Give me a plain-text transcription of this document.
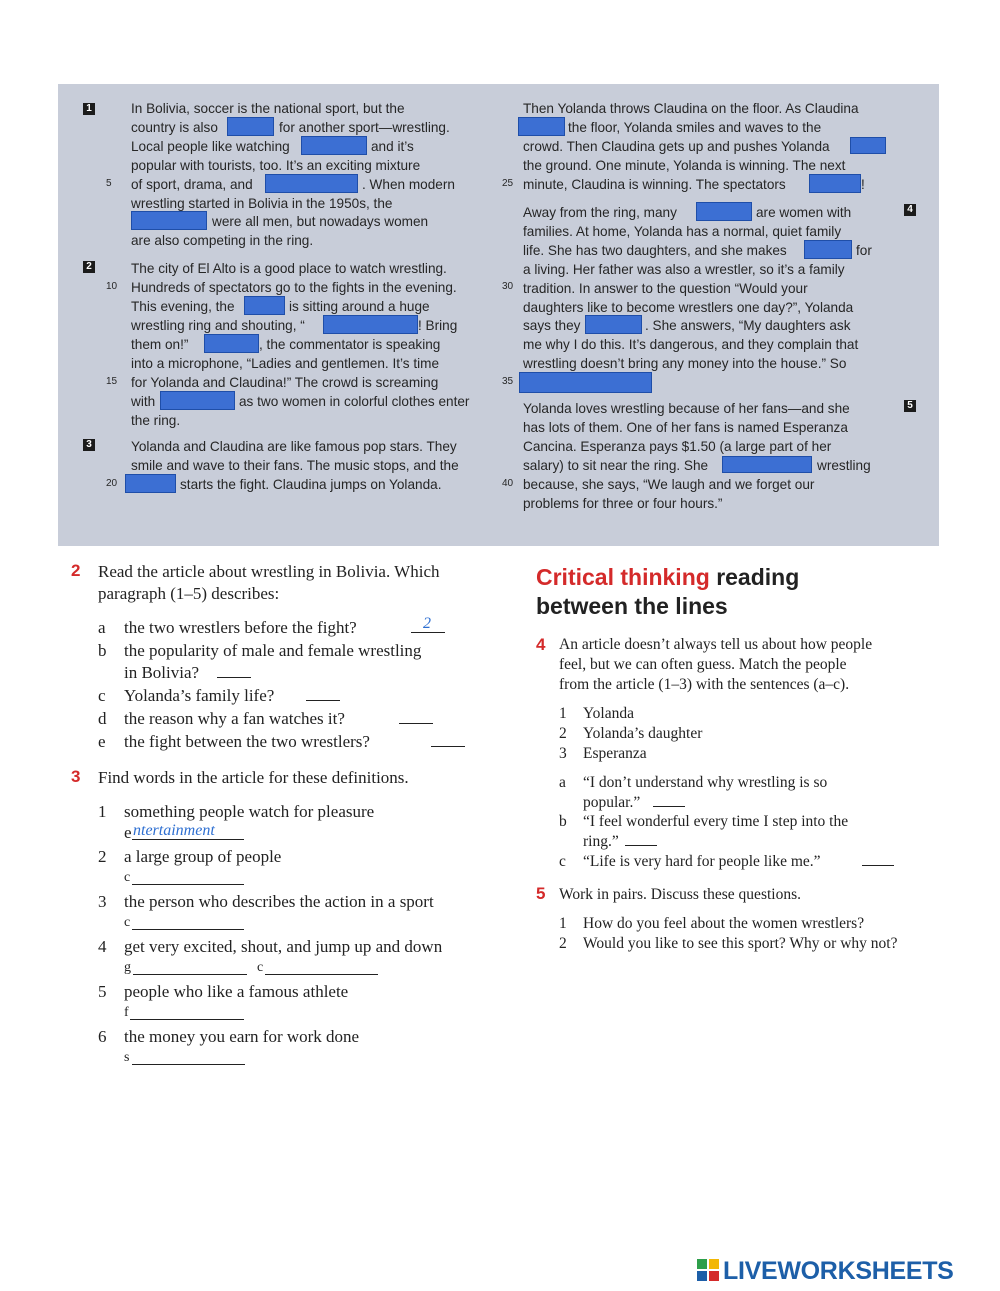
1
2
3
4
5
5
10
15
20
25
30
35
40
In Bolivia, soccer is the national sport, but the
country is also	for another sport—wrestling.
Local people like watching	and it’s
popular with tourists, too. It’s an exciting mixture
of sport, drama, and	. When modern
wrestling started in Bolivia in the 1950s, the
were all men, but nowadays women
are also competing in the ring.
The city of El Alto is a good place to watch wrestling.
Hundreds of spectators go to the fights in the evening.
This evening, the	is sitting around a huge
wrestling ring and shouting, “	! Bring
them on!”	, the commentator is speaking
into a microphone, “Ladies and gentlemen. It’s time
for Yolanda and Claudina!” The crowd is screaming
with	as two women in colorful clothes enter
the ring.
Yolanda and Claudina are like famous pop stars. They
smile and wave to their fans. The music stops, and the
starts the fight. Claudina jumps on Yolanda.
Then Yolanda throws Claudina on the floor. As Claudina
the floor, Yolanda smiles and waves to the
crowd. Then Claudina gets up and pushes Yolanda
the ground. One minute, Yolanda is winning. The next
minute, Claudina is winning. The spectators	!
Away from the ring, many	are women with
families. At home, Yolanda has a normal, quiet family
life. She has two daughters, and she makes	for
a living. Her father was also a wrestler, so it’s a family
tradition. In answer to the question “Would your
daughters like to become wrestlers one day?”, Yolanda
says they	. She answers, “My daughters ask
me why I do this. It’s dangerous, and they complain that
wrestling doesn’t bring any money into the house.” So
Yolanda loves wrestling because of her fans—and she
has lots of them. One of her fans is named Esperanza
Cancina. Esperanza pays $1.50 (a large part of her
salary) to sit near the ring. She	wrestling
because, she says, “We laugh and we forget our
problems for three or four hours.”
2 Read the article about wrestling in Bolivia. Which
paragraph (1–5) describes:
a the two wrestlers before the fight?	2
b the popularity of male and female wrestling
in Bolivia?
c Yolanda’s family life?
d the reason why a fan watches it?
e the fight between the two wrestlers?
3 Find words in the article for these definitions.
1 something people watch for pleasure
e ntertainment
2 a large group of people
c
3 the person who describes the action in a sport
c
4 get very excited, shout, and jump up and down
g	c
5 people who like a famous athlete
f
6 the money you earn for work done
s
Critical thinking reading
between the lines
4 An article doesn’t always tell us about how people
feel, but we can often guess. Match the people
from the article (1–3) with the sentences (a–c).
1 Yolanda
2 Yolanda’s daughter
3 Esperanza
a “I don’t understand why wrestling is so
popular.”
b “I feel wonderful every time I step into the
ring.”
c “Life is very hard for people like me.”
5 Work in pairs. Discuss these questions.
1 How do you feel about the women wrestlers?
2 Would you like to see this sport? Why or why not?
LIVEWORKSHEETS
